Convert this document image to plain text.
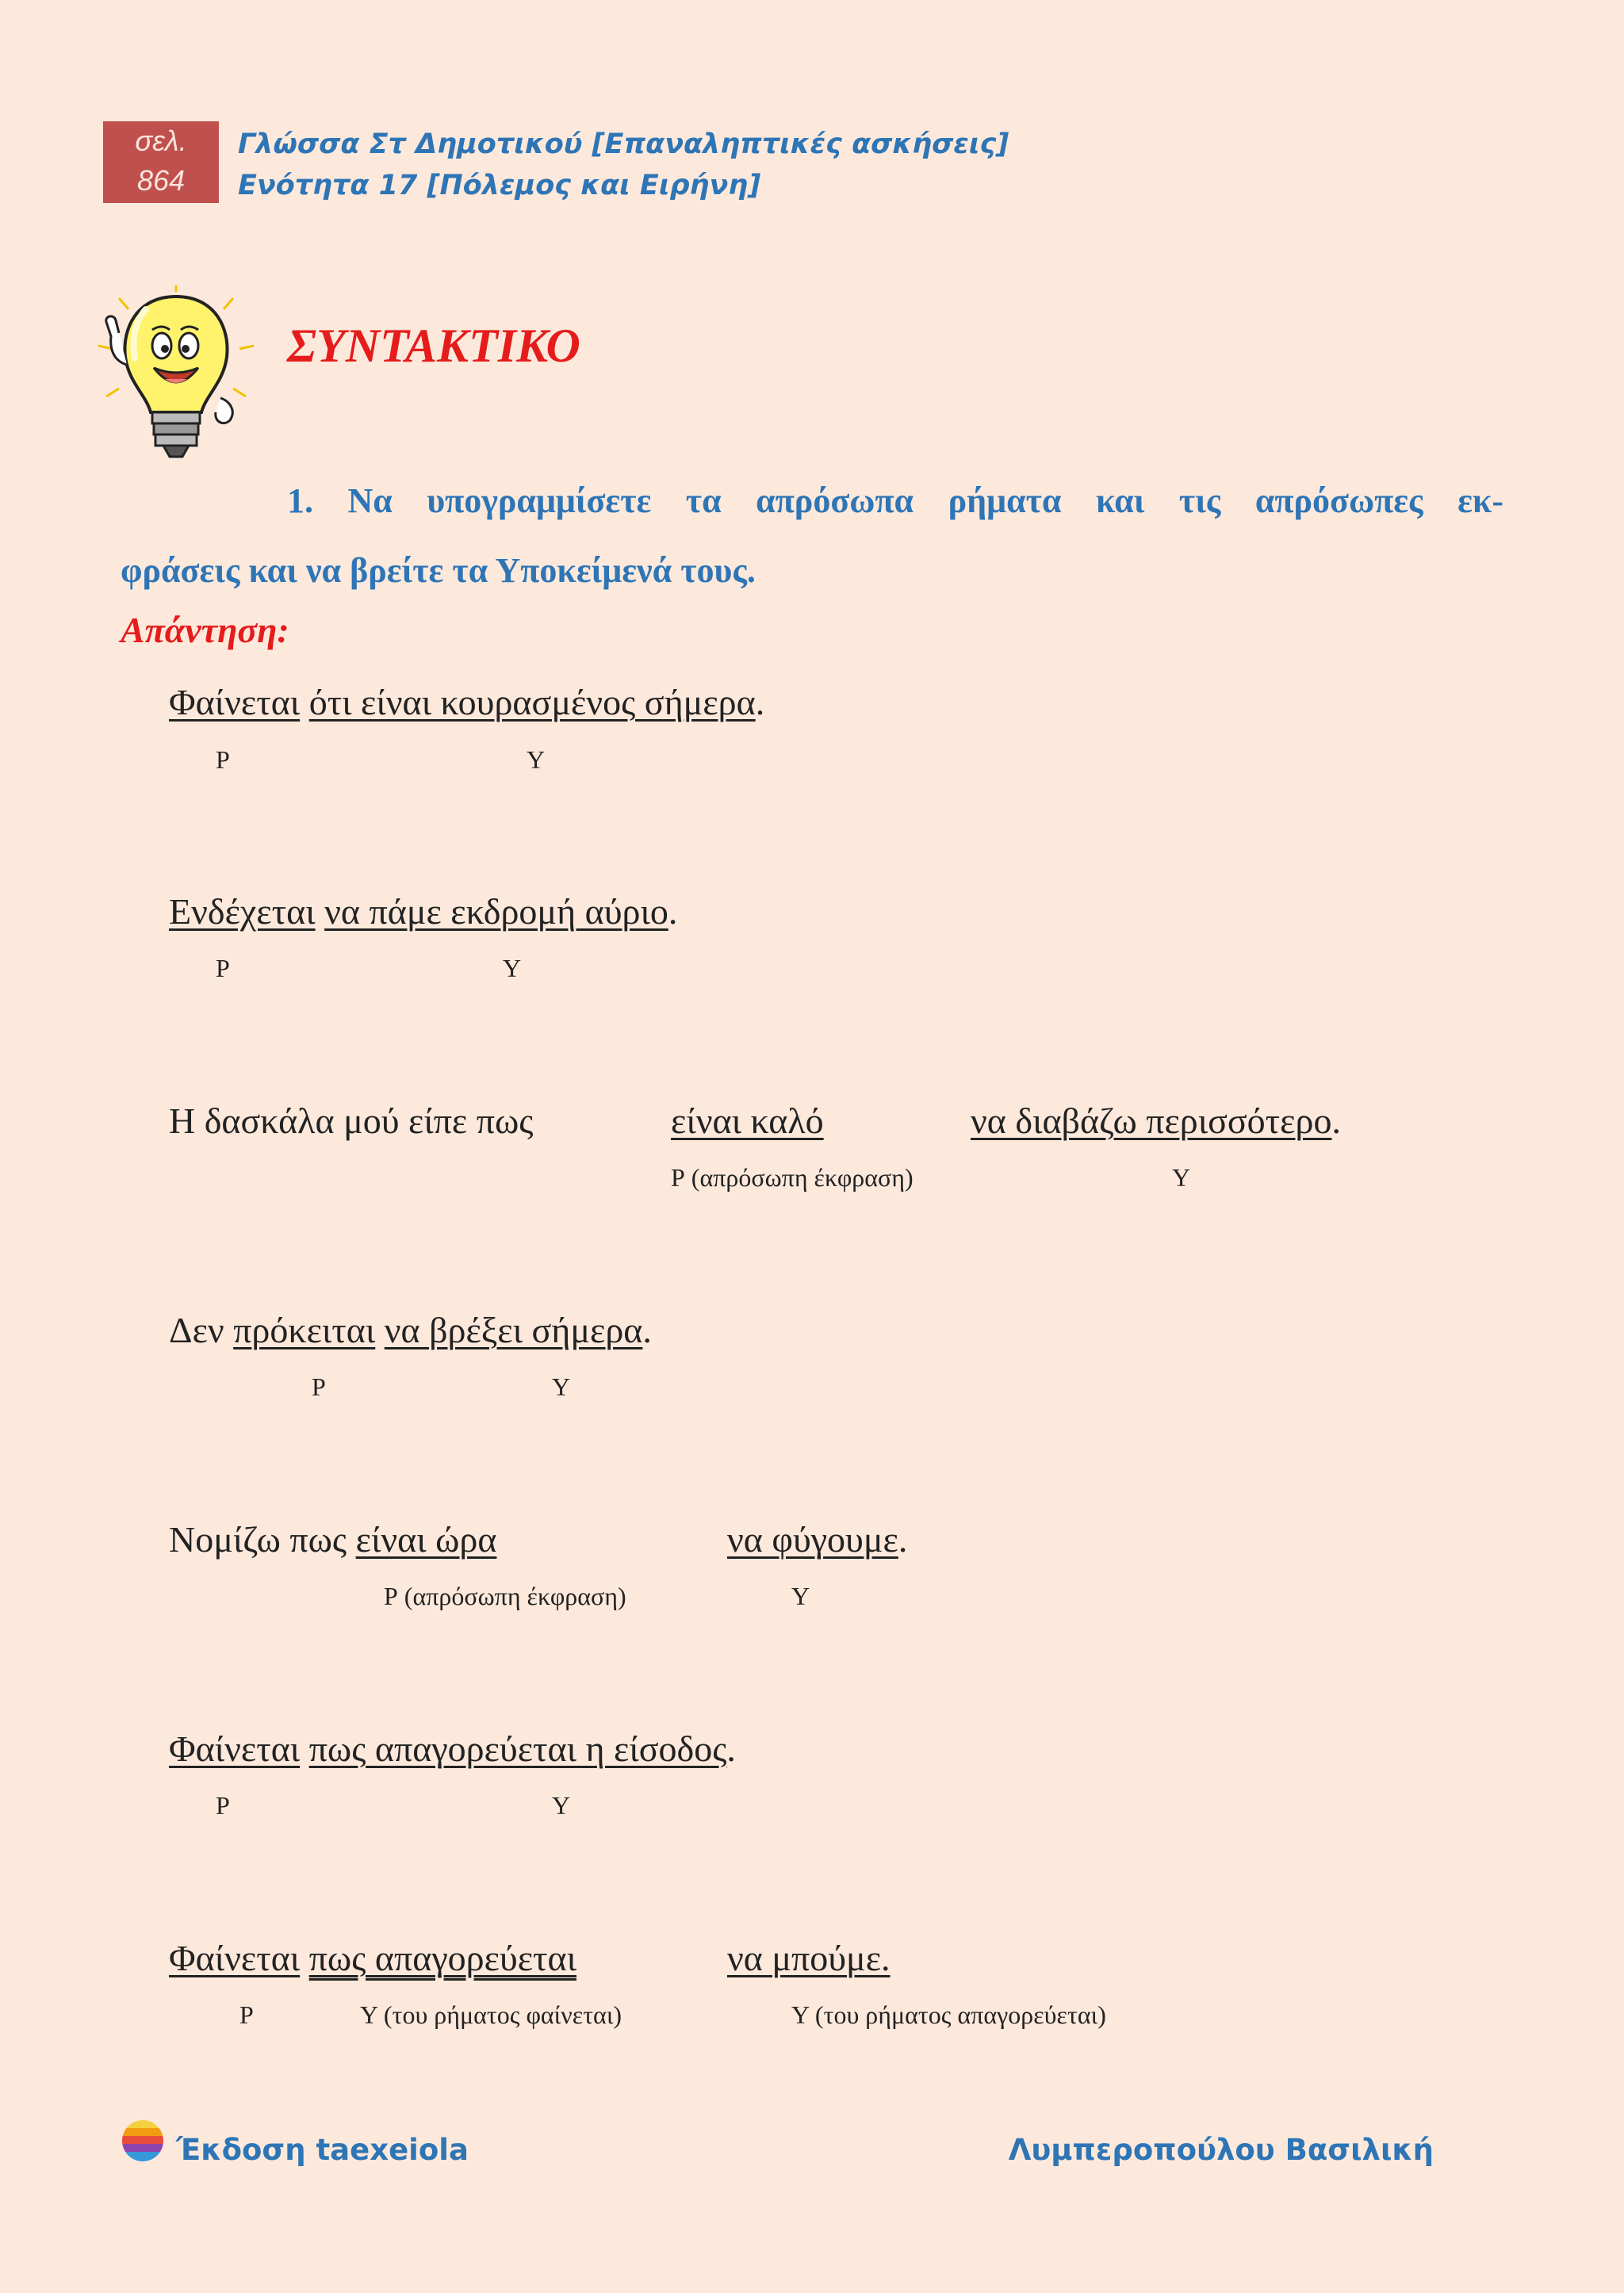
σελ.
864
Γλώσσα Στ Δημοτικού [Επαναληπτικές ασκήσεις]
Ενότητα 17 [Πόλεμος και Ειρήνη]
ΣΥΝΤΑΚΤΙΚΟ
1. Να υπογραμμίσετε τα απρόσωπα ρήματα και τις απρόσωπες εκ-
φράσεις και να βρείτε τα Υποκείμενά τους.
Απάντηση:
Φαίνεται ότι είναι κουρασμένος σήμερα.
Ρ	Υ
Ενδέχεται να πάμε εκδρομή αύριο.
Ρ	Υ
Η δασκάλα μού είπε πως	είναι καλό	να διαβάζω περισσότερο.
Ρ (απρόσωπη έκφραση)	Υ
Δεν πρόκειται να βρέξει σήμερα.
Ρ	Υ
Νομίζω πως είναι ώρα	να φύγουμε.
Ρ (απρόσωπη έκφραση)	Υ
Φαίνεται πως απαγορεύεται η είσοδος.
Ρ	Υ
Φαίνεται πως απαγορεύεται	να μπούμε.
Ρ	Υ (του ρήματος φαίνεται)	Υ (του ρήματος απαγορεύεται)
Έκδοση taexeiola	Λυμπεροπούλου Βασιλική
